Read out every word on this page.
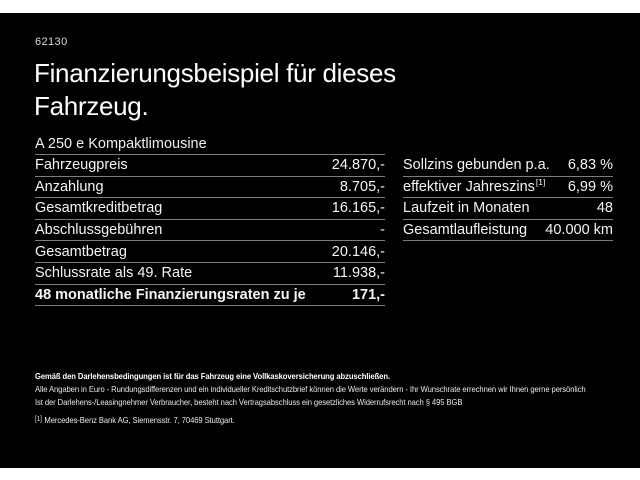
62130
Finanzierungsbeispiel für dieses Fahrzeug.
A 250 e Kompaktlimousine
Fahrzeugpreis	24.870,-
Anzahlung	8.705,-
Gesamtkreditbetrag	16.165,-
Abschlussgebühren	-
Gesamtbetrag	20.146,-
Schlussrate als 49. Rate	11.938,-
48 monatliche Finanzierungsraten zu je	171,-
Sollzins gebunden p.a. 6,83 %
effektiver Jahreszins[1] 6,99 %
Laufzeit in Monaten	48
Gesamtlaufleistung 40.000 km
Gemäß den Darlehensbedingungen ist für das Fahrzeug eine Vollkaskoversicherung abzuschließen.
Alle Angaben in Euro - Rundungsdifferenzen und ein individueller Kreditschutzbrief können die Werte verändern - Ihr Wunschrate errechnen wir Ihnen gerne persönlich
Ist der Darlehens-/Leasingnehmer Verbraucher, besteht nach Vertragsabschluss ein gesetzliches Widerrufsrecht nach § 495 BGB
[1] Mercedes-Benz Bank AG, Siemensstr. 7, 70469 Stuttgart.
